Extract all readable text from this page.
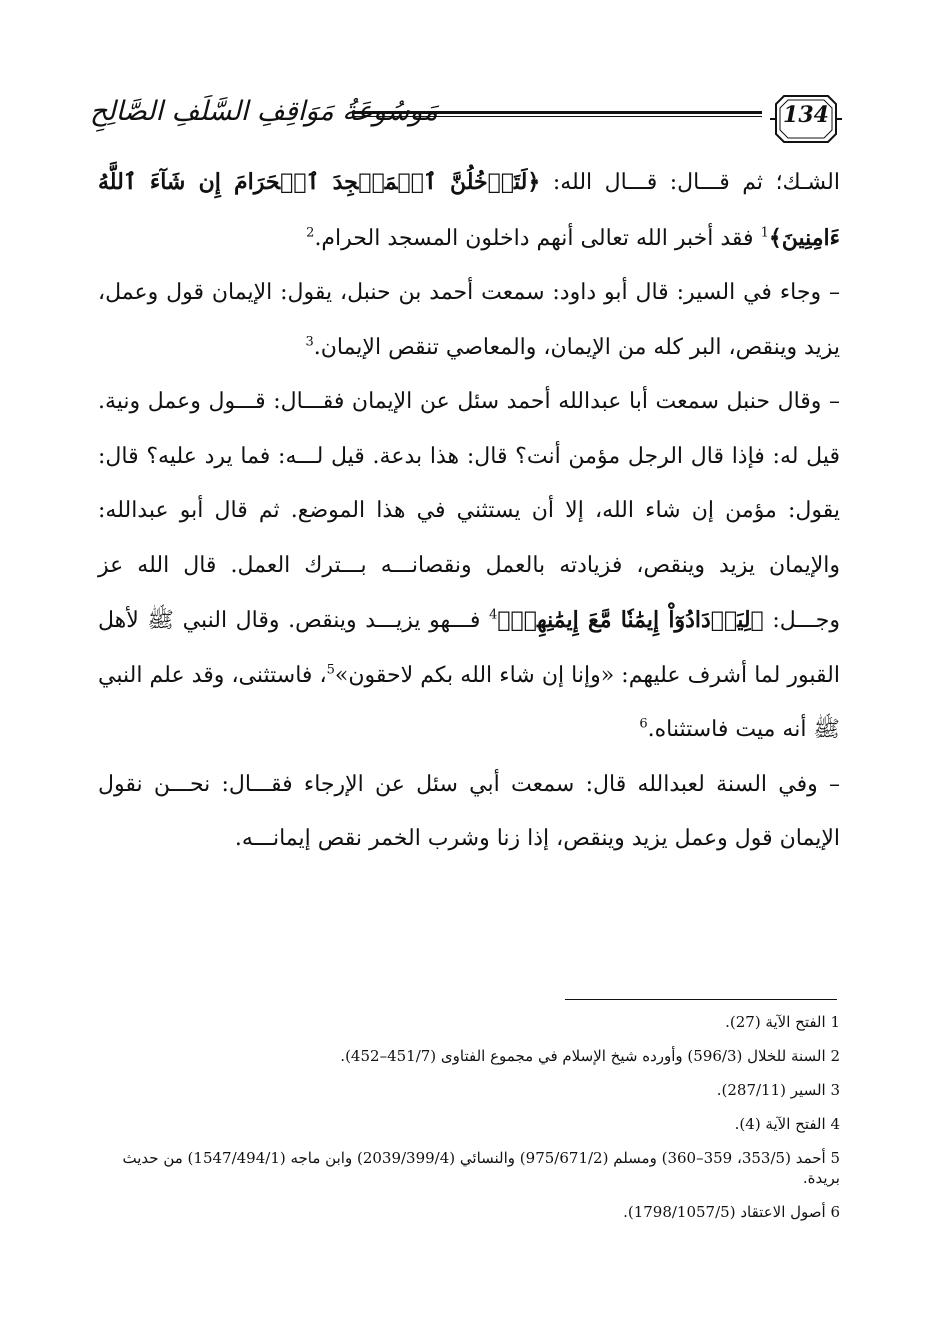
مَوسُوعَةُ مَوَاقِفِ السَّلَفِ الصَّالِحِ	134

الشـك؛ ثم قـــال: قـــال الله: ﴿لَتَدۡخُلُنَّ ٱلۡمَسۡجِدَ ٱلۡحَرَامَ إِن شَآءَ ٱللَّهُ ءَامِنِينَ﴾$^1$ فقد أخبر الله تعالى أنهم داخلون المسجد الحرام.$^2$

– وجاء في السير: قال أبو داود: سمعت أحمد بن حنبل، يقول: الإيمان قول وعمل، يزيد وينقص، البر كله من الإيمان، والمعاصي تنقص الإيمان.$^3$

– وقال حنبل سمعت أبا عبدالله أحمد سئل عن الإيمان فقـــال: قـــول وعمل ونية. قيل له: فإذا قال الرجل مؤمن أنت؟ قال: هذا بدعة. قيل لـــه: فما يرد عليه؟ قال: يقول: مؤمن إن شاء الله، إلا أن يستثني في هذا الموضع. ثم قال أبو عبدالله: والإيمان يزيد وينقص، فزيادته بالعمل ونقصانـــه بـــترك العمل. قال الله عز وجـــل: ﴿لِيَزۡدَادُوٓاْ إِيمَٰنٗا مَّعَ إِيمَٰنِهِمۡ﴾$^4$ فـــهو يزيـــد وينقص. وقال النبي ﷺ لأهل القبور لما أشرف عليهم: «وإنا إن شاء الله بكم لاحقون»$^5$، فاستثنى، وقد علم النبي ﷺ أنه ميت فاستثناه.$^6$

– وفي السنة لعبدالله قال: سمعت أبي سئل عن الإرجاء فقـــال: نحـــن نقول الإيمان قول وعمل يزيد وينقص، إذا زنا وشرب الخمر نقص إيمانـــه.

1 الفتح الآية (27).

2 السنة للخلال (596/3) وأورده شيخ الإسلام في مجموع الفتاوى (451/7–452).

3 السير (287/11).

4 الفتح الآية (4).

5 أحمد (353/5، 359–360) ومسلم (975/671/2) والنسائي (2039/399/4) وابن ماجه (1547/494/1) من حديث بريدة.

6 أصول الاعتقاد (1798/1057/5).
